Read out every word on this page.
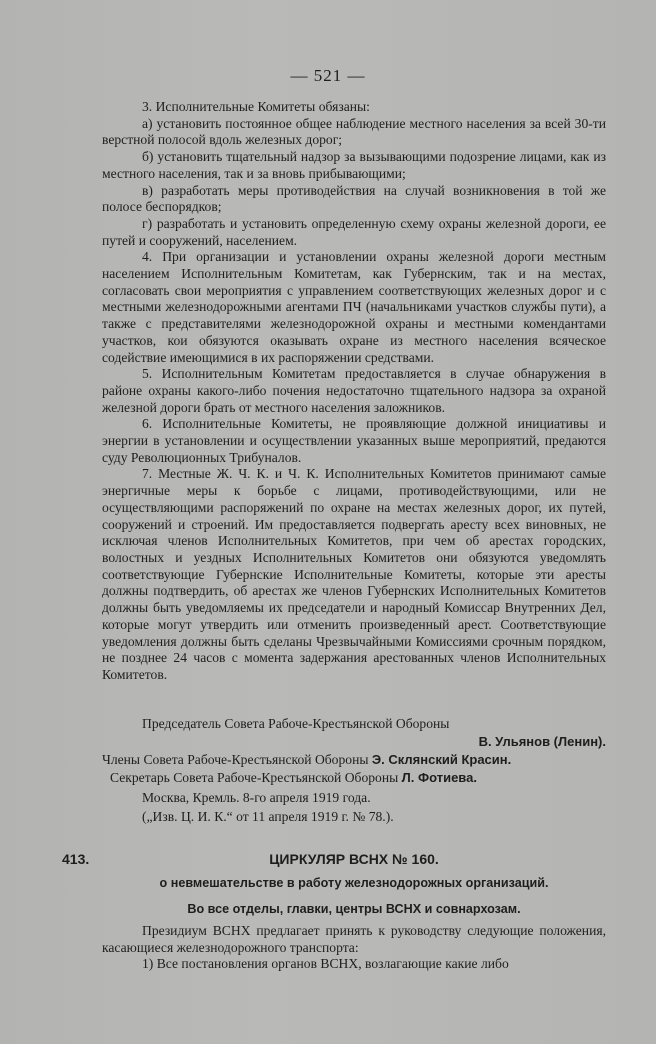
— 521 —

3. Исполнительные Комитеты обязаны:

а) установить постоянное общее наблюдение местного населения за всей 30-ти верстной полосой вдоль железных дорог;

б) установить тщательный надзор за вызывающими подозрение лицами, как из местного населения, так и за вновь прибывающими;

в) разработать меры противодействия на случай возникновения в той же полосе беспорядков;

г) разработать и установить определенную схему охраны железной дороги, ее путей и сооружений, населением.

4. При организации и установлении охраны железной дороги местным населением Исполнительным Комитетам, как Губернским, так и на местах, согласовать свои мероприятия с управлением соответствующих железных дорог и с местными железнодорожными агентами ПЧ (начальниками участков службы пути), а также с представителями железнодорожной охраны и местными комендантами участков, кои обязуются оказывать охране из местного населения всяческое содействие имеющимися в их распоряжении средствами.

5. Исполнительным Комитетам предоставляется в случае обнаружения в районе охраны какого-либо почения недостаточно тщательного надзора за охраной железной дороги брать от местного населения заложников.

6. Исполнительные Комитеты, не проявляющие должной инициативы и энергии в установлении и осуществлении указанных выше мероприятий, предаются суду Революционных Трибуналов.

7. Местные Ж. Ч. К. и Ч. К. Исполнительных Комитетов принимают самые энергичные меры к борьбе с лицами, противодействующими, или не осуществляющими распоряжений по охране на местах железных дорог, их путей, сооружений и строений. Им предоставляется подвергать аресту всех виновных, не исключая членов Исполнительных Комитетов, при чем об арестах городских, волостных и уездных Исполнительных Комитетов они обязуются уведомлять соответствующие Губернские Исполнительные Комитеты, которые эти аресты должны подтвердить, об арестах же членов Губернских Исполнительных Комитетов должны быть уведомляемы их председатели и народный Комиссар Внутренних Дел, которые могут утвердить или отменить произведенный арест. Соответствующие уведомления должны быть сделаны Чрезвычайными Комиссиями срочным порядком, не позднее 24 часов с момента задержания арестованных членов Исполнительных Комитетов.

Председатель Совета Рабоче-Крестьянской Обороны
В. Ульянов (Ленин).
Члены Совета Рабоче-Крестьянской Обороны Э. Склянский Красин.
Секретарь Совета Рабоче-Крестьянской Обороны Л. Фотиева.
Москва, Кремль. 8-го апреля 1919 года.
(„Изв. Ц. И. К.“ от 11 апреля 1919 г. № 78.).
413.	ЦИРКУЛЯР ВСНХ № 160.
о невмешательстве в работу железнодорожных организаций.
Во все отделы, главки, центры ВСНХ и совнархозам.

Президиум ВСНХ предлагает принять к руководству следующие положения, касающиеся железнодорожного транспорта:

1) Все постановления органов ВСНХ, возлагающие какие либо
